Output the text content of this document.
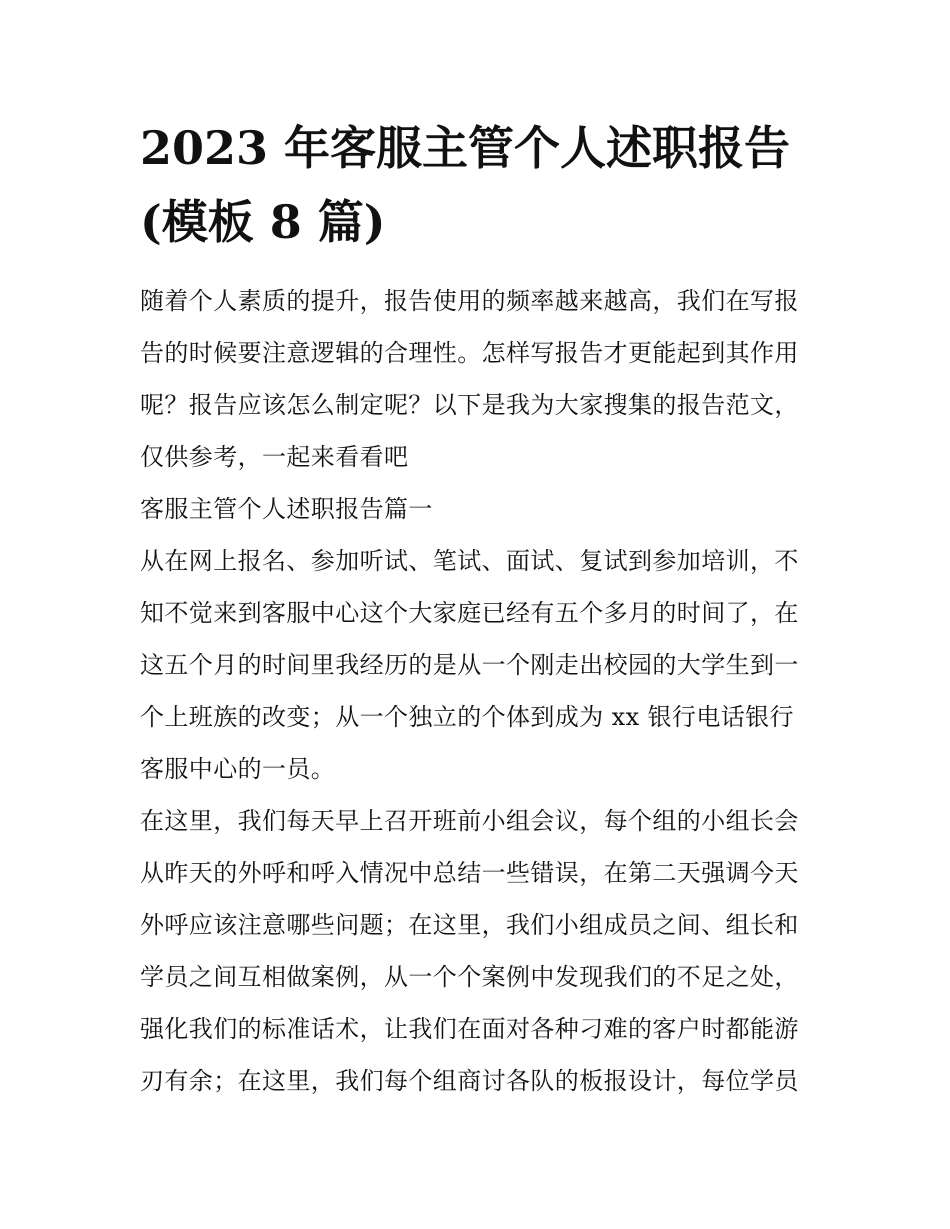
2023 年客服主管个人述职报告
(模板 8 篇)
随着个人素质的提升，报告使用的频率越来越高，我们在写报
告的时候要注意逻辑的合理性。怎样写报告才更能起到其作用
呢？报告应该怎么制定呢？以下是我为大家搜集的报告范文，
仅供参考，一起来看看吧
客服主管个人述职报告篇一
从在网上报名、参加听试、笔试、面试、复试到参加培训，不
知不觉来到客服中心这个大家庭已经有五个多月的时间了，在
这五个月的时间里我经历的是从一个刚走出校园的大学生到一
个上班族的改变；从一个独立的个体到成为 xx 银行电话银行
客服中心的一员。
在这里，我们每天早上召开班前小组会议，每个组的小组长会
从昨天的外呼和呼入情况中总结一些错误，在第二天强调今天
外呼应该注意哪些问题；在这里，我们小组成员之间、组长和
学员之间互相做案例，从一个个案例中发现我们的不足之处，
强化我们的标准话术，让我们在面对各种刁难的客户时都能游
刃有余；在这里，我们每个组商讨各队的板报设计，每位学员
